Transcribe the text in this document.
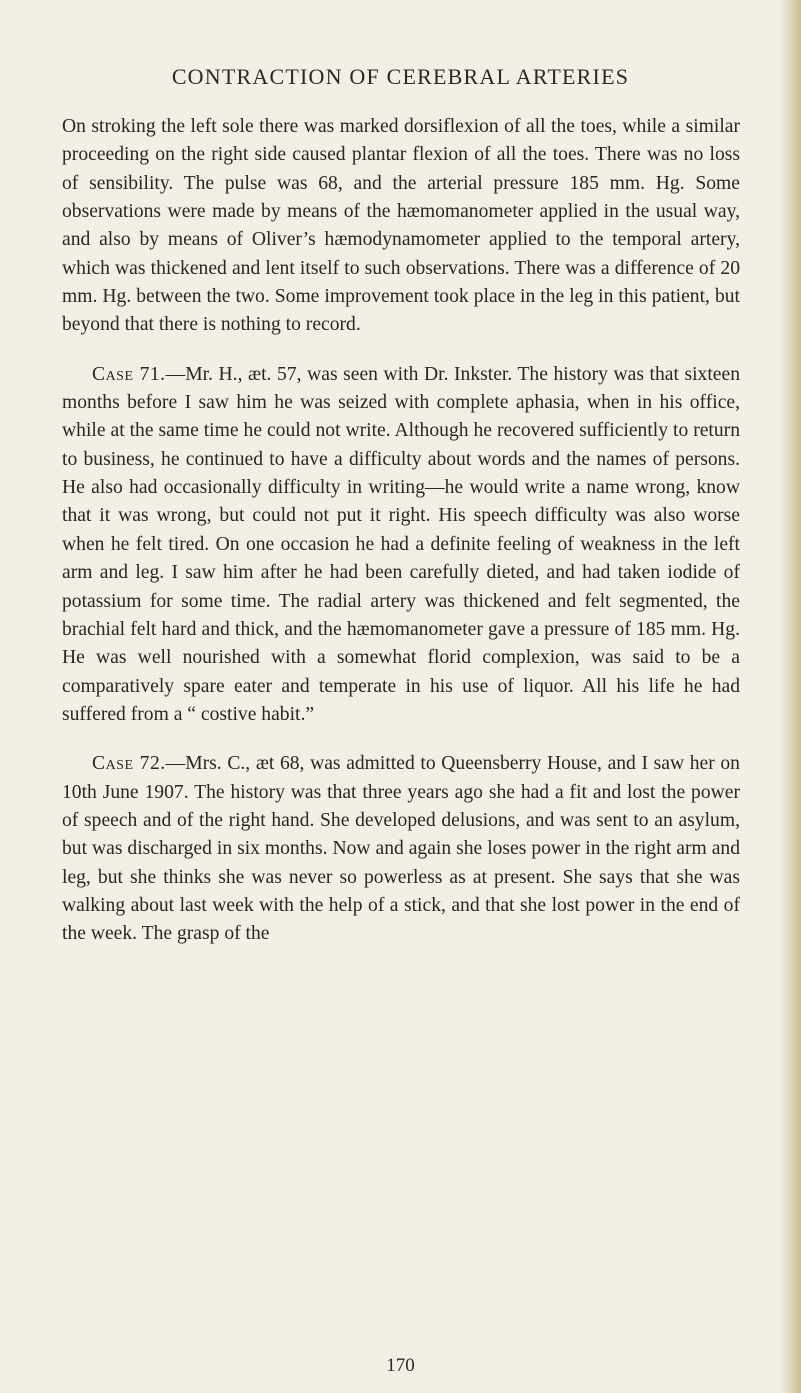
CONTRACTION OF CEREBRAL ARTERIES

On stroking the left sole there was marked dorsiflexion of all the toes, while a similar proceeding on the right side caused plantar flexion of all the toes. There was no loss of sensibility. The pulse was 68, and the arterial pressure 185 mm. Hg. Some observations were made by means of the hæmomanometer applied in the usual way, and also by means of Oliver’s hæmodynamometer applied to the temporal artery, which was thickened and lent itself to such observations. There was a difference of 20 mm. Hg. between the two. Some improvement took place in the leg in this patient, but beyond that there is nothing to record.

Case 71.—Mr. H., æt. 57, was seen with Dr. Inkster. The history was that sixteen months before I saw him he was seized with complete aphasia, when in his office, while at the same time he could not write. Although he recovered sufficiently to return to business, he continued to have a difficulty about words and the names of persons. He also had occasionally difficulty in writing—he would write a name wrong, know that it was wrong, but could not put it right. His speech difficulty was also worse when he felt tired. On one occasion he had a definite feeling of weakness in the left arm and leg. I saw him after he had been carefully dieted, and had taken iodide of potassium for some time. The radial artery was thickened and felt segmented, the brachial felt hard and thick, and the hæmomanometer gave a pressure of 185 mm. Hg. He was well nourished with a somewhat florid complexion, was said to be a comparatively spare eater and temperate in his use of liquor. All his life he had suffered from a “ costive habit.”

Case 72.—Mrs. C., æt 68, was admitted to Queensberry House, and I saw her on 10th June 1907. The history was that three years ago she had a fit and lost the power of speech and of the right hand. She developed delusions, and was sent to an asylum, but was discharged in six months. Now and again she loses power in the right arm and leg, but she thinks she was never so powerless as at present. She says that she was walking about last week with the help of a stick, and that she lost power in the end of the week. The grasp of the

170
